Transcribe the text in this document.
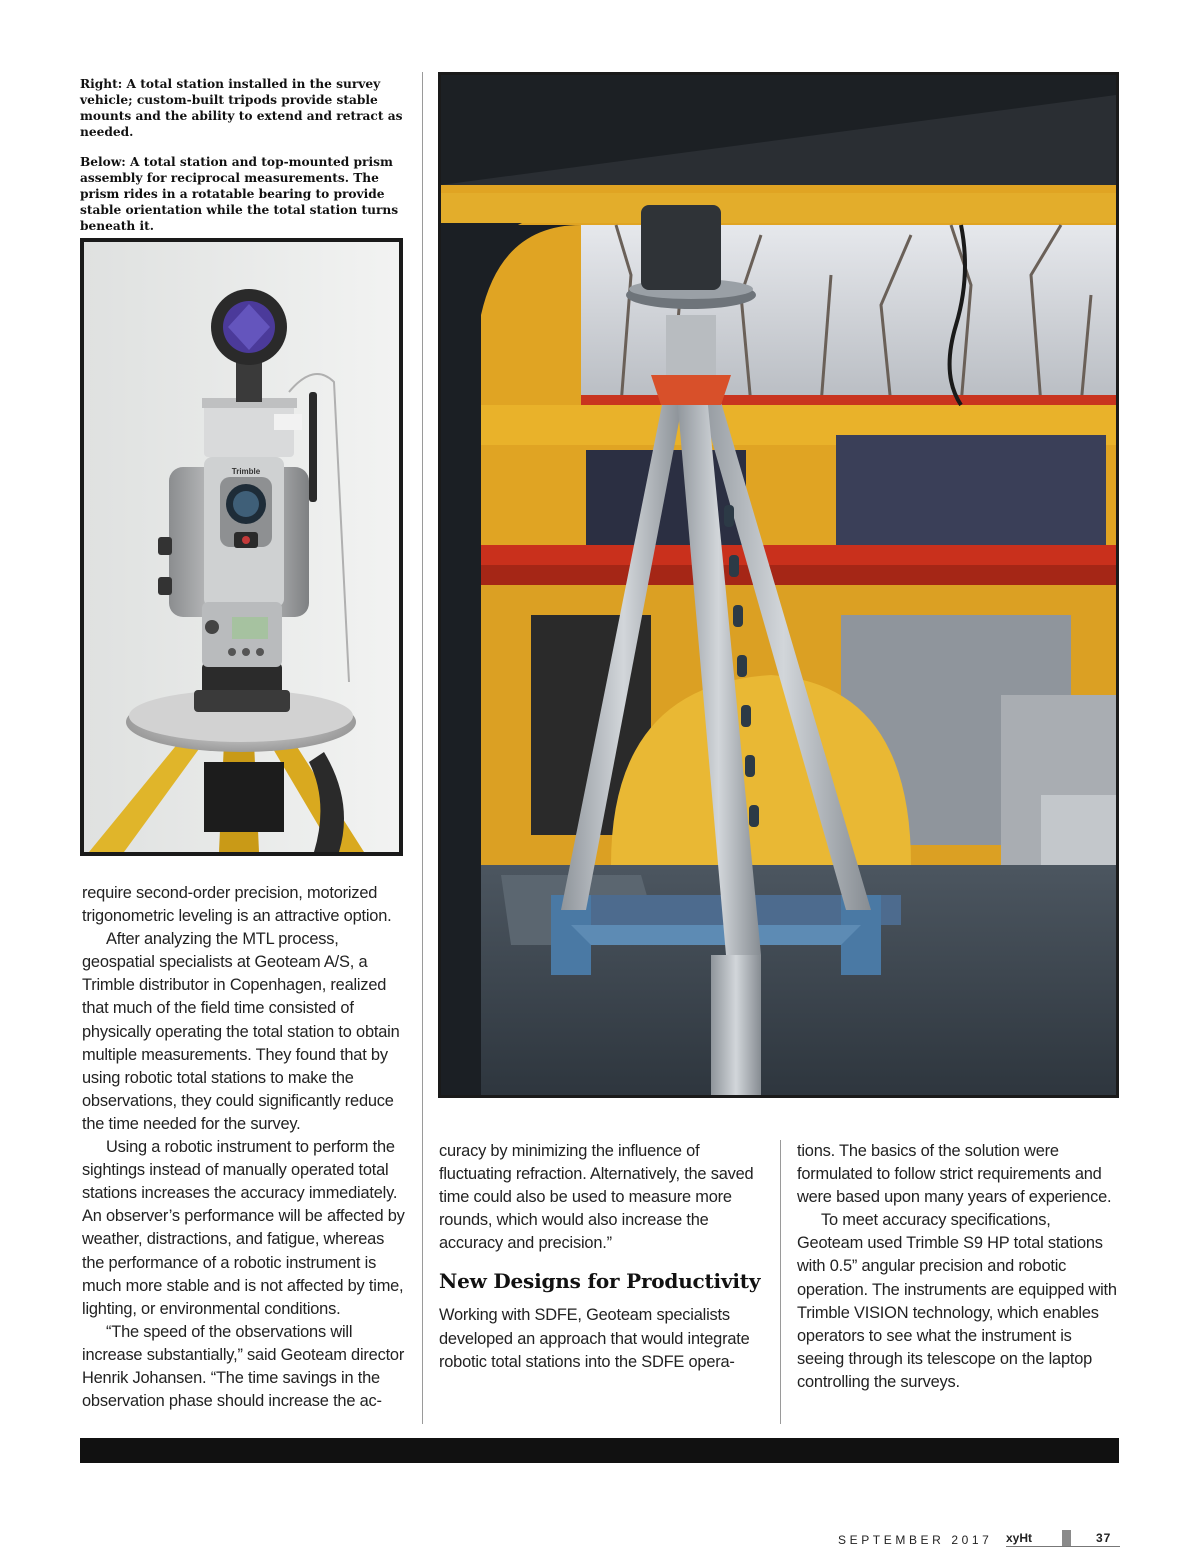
Right: A total station installed in the survey vehicle; custom-built tripods provide stable mounts and the ability to extend and retract as needed.

Below: A total station and top-mounted prism assembly for reciprocal measurements. The prism rides in a rotatable bearing to provide stable orientation while the total station turns beneath it.

Trimble

require second-order precision, motorized trigonometric leveling is an attractive option.

After analyzing the MTL process, geospatial specialists at Geoteam A/S, a Trimble distributor in Copenhagen, realized that much of the field time consisted of physically operating the total station to obtain multiple measurements. They found that by using robotic total stations to make the observations, they could significantly reduce the time needed for the survey.

Using a robotic instrument to perform the sightings instead of manually operated total stations increases the accuracy immediately. An observer’s performance will be affected by weather, distractions, and fatigue, whereas the performance of a robotic instrument is much more stable and is not affected by time, lighting, or environmental conditions.

“The speed of the observations will increase substantially,” said Geoteam director Henrik Johansen. “The time savings in the observation phase should increase the ac-

curacy by minimizing the influence of fluctuating refraction. Alternatively, the saved time could also be used to measure more rounds, which would also increase the accuracy and precision.”

New Designs for Productivity

Working with SDFE, Geoteam specialists developed an approach that would integrate robotic total stations into the SDFE opera-

tions. The basics of the solution were formulated to follow strict requirements and were based upon many years of experience.

To meet accuracy specifications, Geoteam used Trimble S9 HP total stations with 0.5” angular precision and robotic operation. The instruments are equipped with Trimble VISION technology, which enables operators to see what the instrument is seeing through its telescope on the laptop controlling the surveys.

SEPTEMBER 2017 xyHt	37
